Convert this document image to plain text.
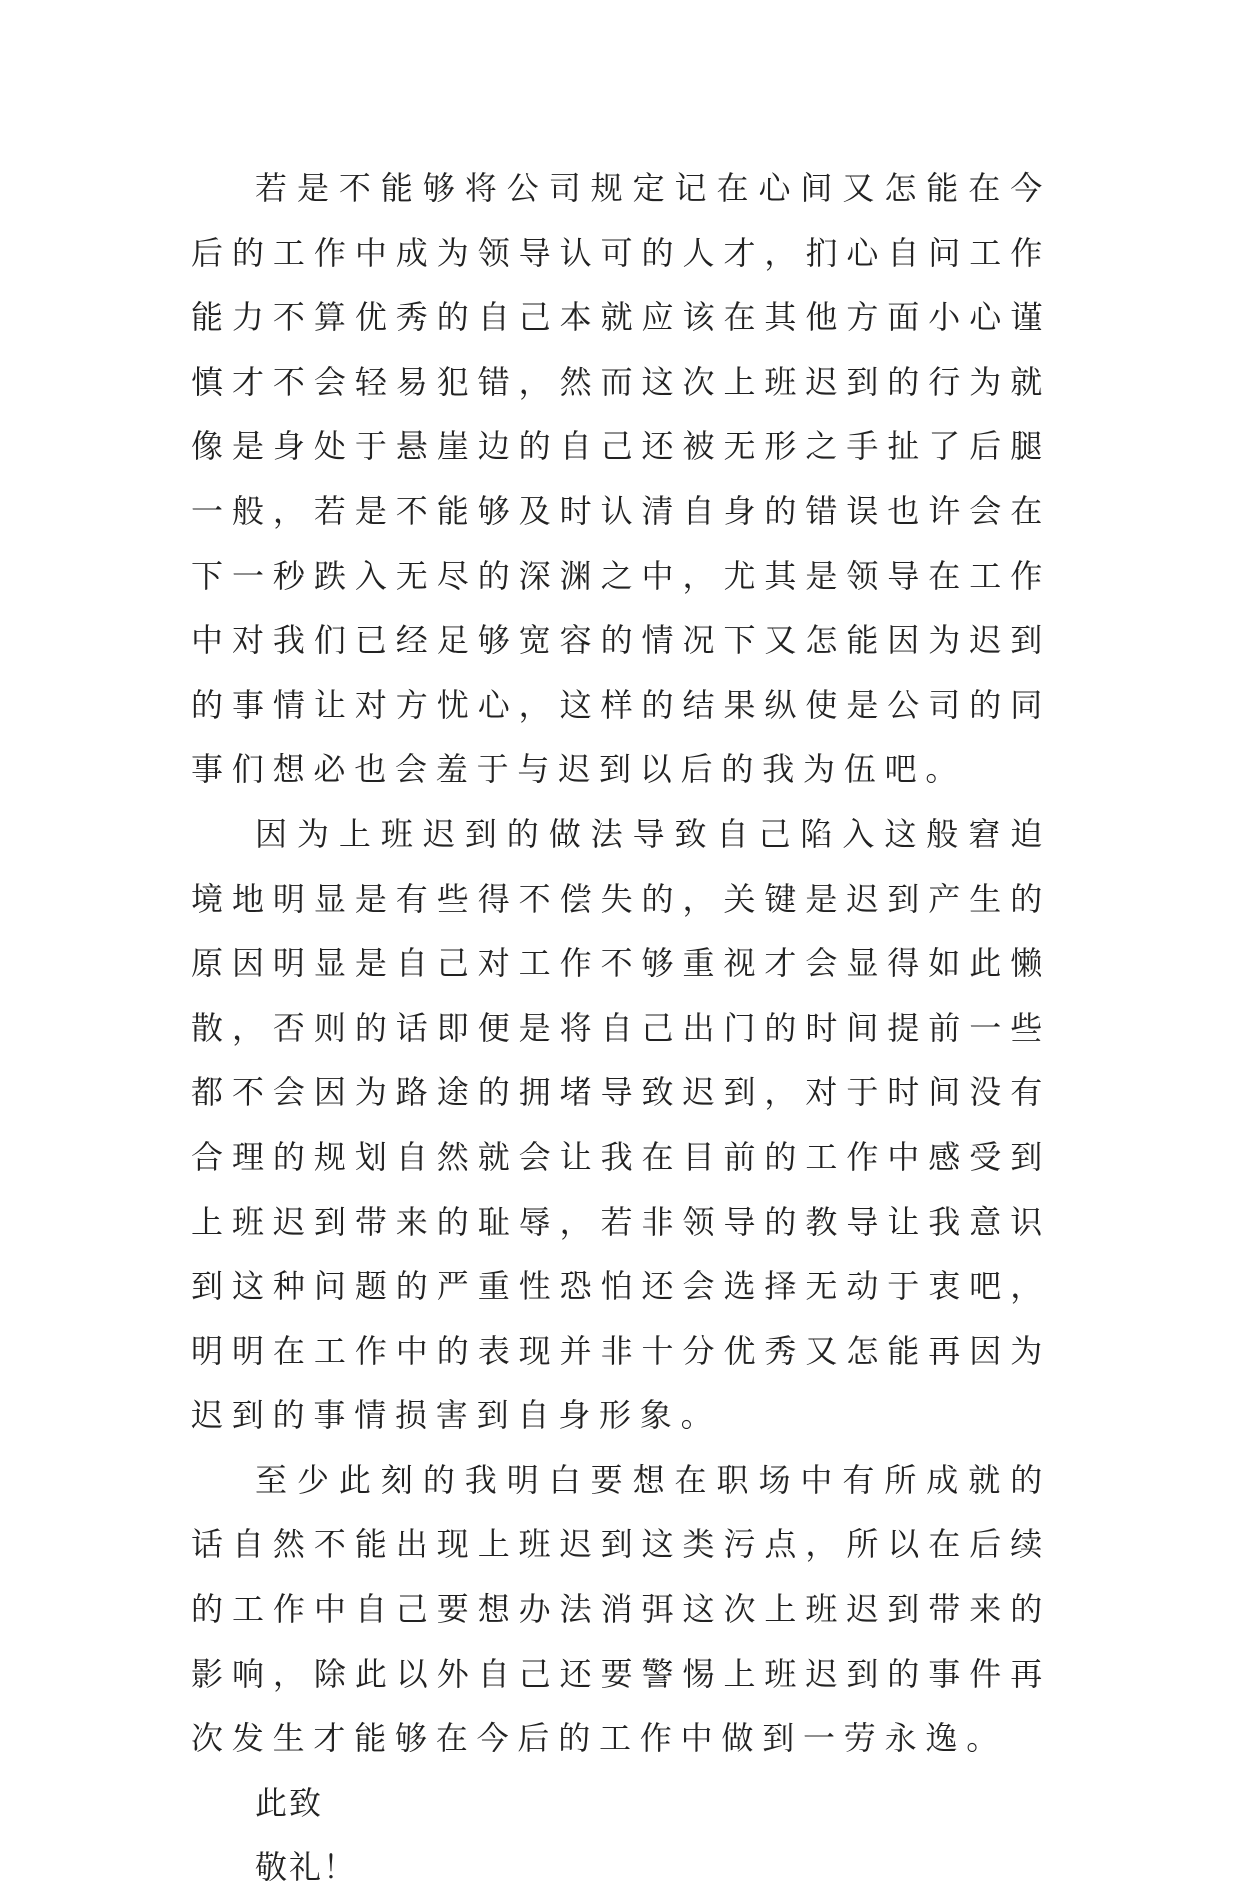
若是不能够将公司规定记在心间又怎能在今后的工作中成为领导认可的人才，扪心自问工作能力不算优秀的自己本就应该在其他方面小心谨慎才不会轻易犯错，然而这次上班迟到的行为就像是身处于悬崖边的自己还被无形之手扯了后腿一般，若是不能够及时认清自身的错误也许会在下一秒跌入无尽的深渊之中，尤其是领导在工作中对我们已经足够宽容的情况下又怎能因为迟到的事情让对方忧心，这样的结果纵使是公司的同事们想必也会羞于与迟到以后的我为伍吧。

因为上班迟到的做法导致自己陷入这般窘迫境地明显是有些得不偿失的，关键是迟到产生的原因明显是自己对工作不够重视才会显得如此懒散，否则的话即便是将自己出门的时间提前一些都不会因为路途的拥堵导致迟到，对于时间没有合理的规划自然就会让我在目前的工作中感受到上班迟到带来的耻辱，若非领导的教导让我意识到这种问题的严重性恐怕还会选择无动于衷吧，明明在工作中的表现并非十分优秀又怎能再因为迟到的事情损害到自身形象。

至少此刻的我明白要想在职场中有所成就的话自然不能出现上班迟到这类污点，所以在后续的工作中自己要想办法消弭这次上班迟到带来的影响，除此以外自己还要警惕上班迟到的事件再次发生才能够在今后的工作中做到一劳永逸。

此致

敬礼！
